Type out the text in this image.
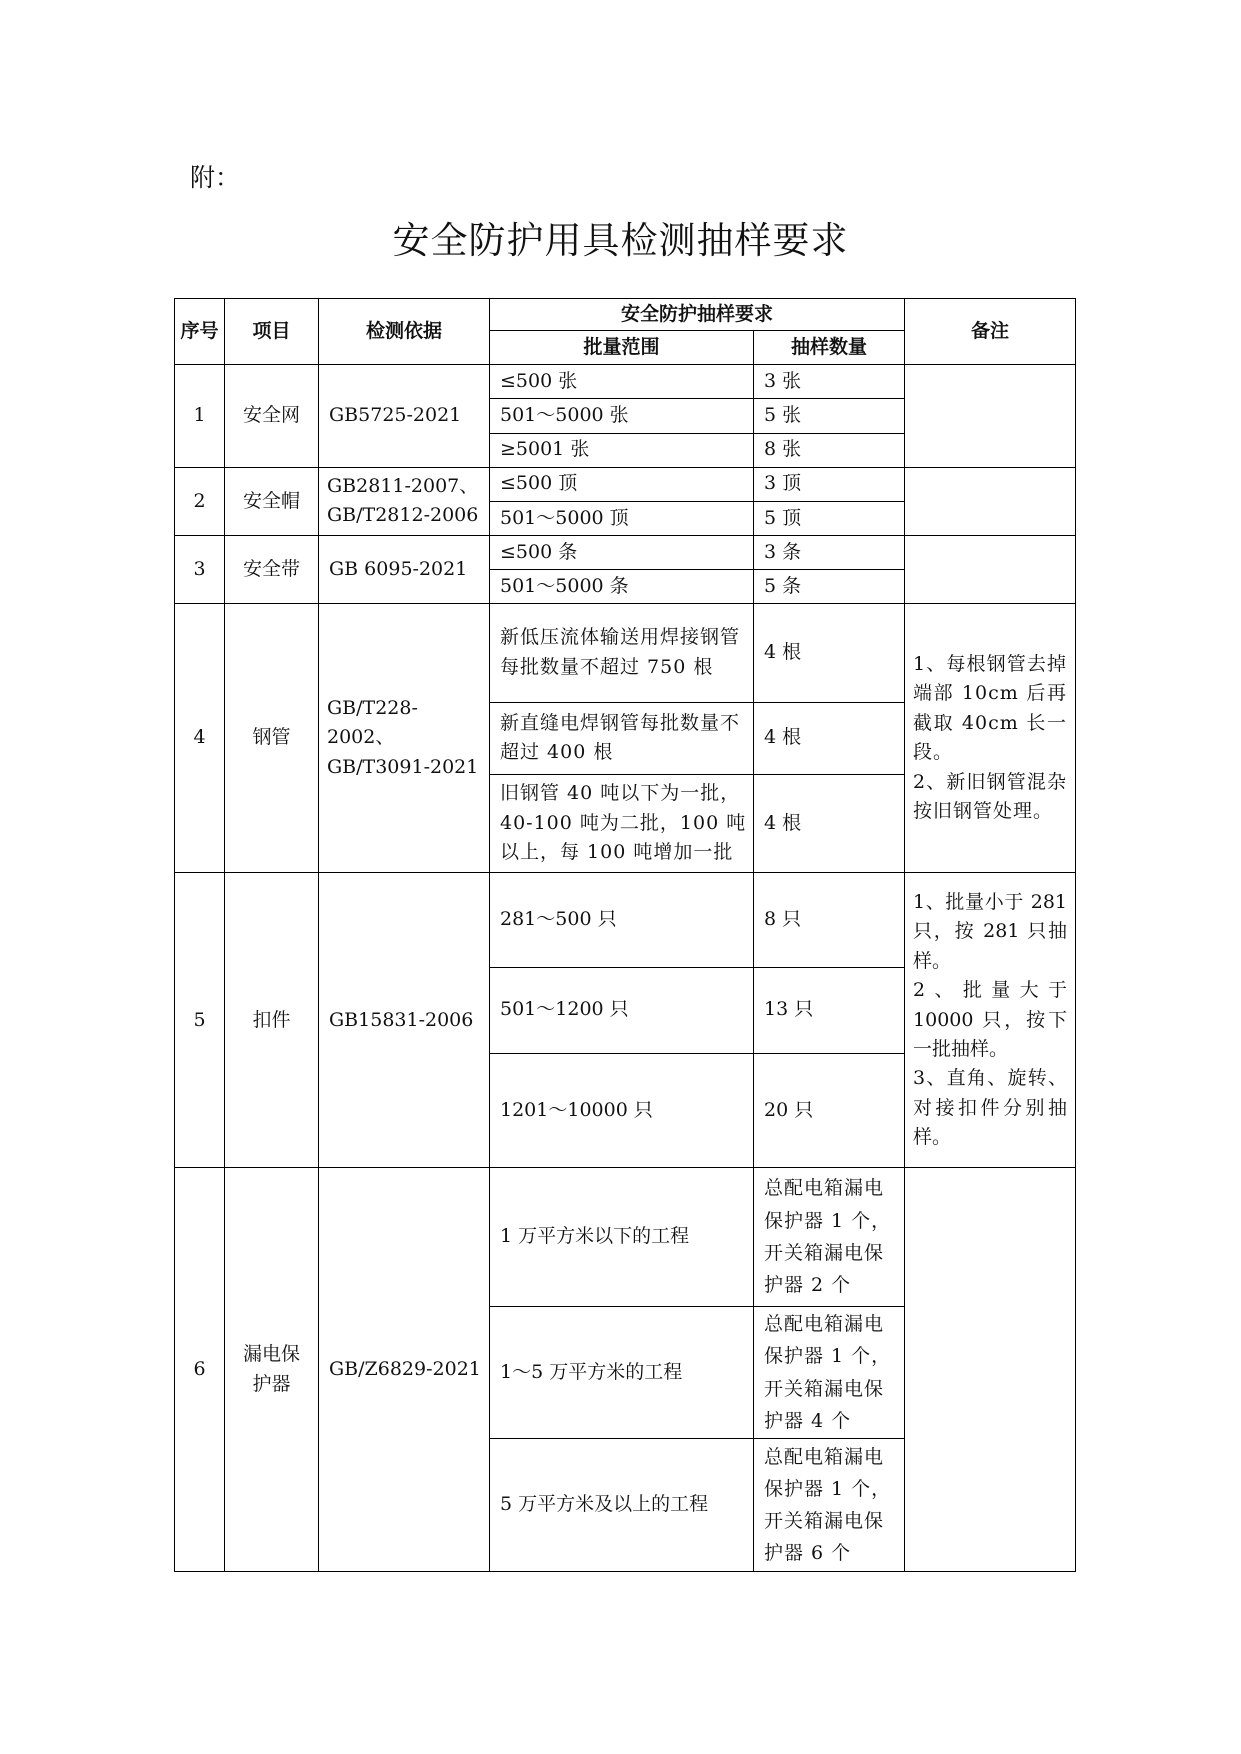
附：
安全防护用具检测抽样要求
序号	项目	检测依据	安全防护抽样要求		备注
			批量范围	抽样数量	
1	安全网	GB5725-2021	≤500 张	3 张	
			501～5000 张	5 张	
			≥5001 张	8 张	
2	安全帽	GB2811-2007、GB/T2812-2006	≤500 顶	3 顶	
			501～5000 顶	5 顶	
3	安全带	GB 6095-2021	≤500 条	3 条	
			501～5000 条	5 条	
4	钢管	GB/T228-2002、GB/T3091-2021	新低压流体输送用焊接钢管每批数量不超过 750 根	4 根	1、每根钢管去掉端部 10cm 后再截取 40cm 长一段。
2、新旧钢管混杂按旧钢管处理。
			新直缝电焊钢管每批数量不超过 400 根	4 根	
			旧钢管 40 吨以下为一批，40-100 吨为二批，100 吨以上，每 100 吨增加一批	4 根	
5	扣件	GB15831-2006	281～500 只	8 只	1、批量小于 281 只，按 281 只抽样。
2、批量大于 10000 只，按下一批抽样。
3、直角、旋转、对接扣件分别抽样。
			501～1200 只	13 只	
			1201～10000 只	20 只	
6	漏电保护器	GB/Z6829-2021	1 万平方米以下的工程	总配电箱漏电保护器 1 个，开关箱漏电保护器 2 个	
			1～5 万平方米的工程	总配电箱漏电保护器 1 个，开关箱漏电保护器 4 个	
			5 万平方米及以上的工程	总配电箱漏电保护器 1 个，开关箱漏电保护器 6 个	
